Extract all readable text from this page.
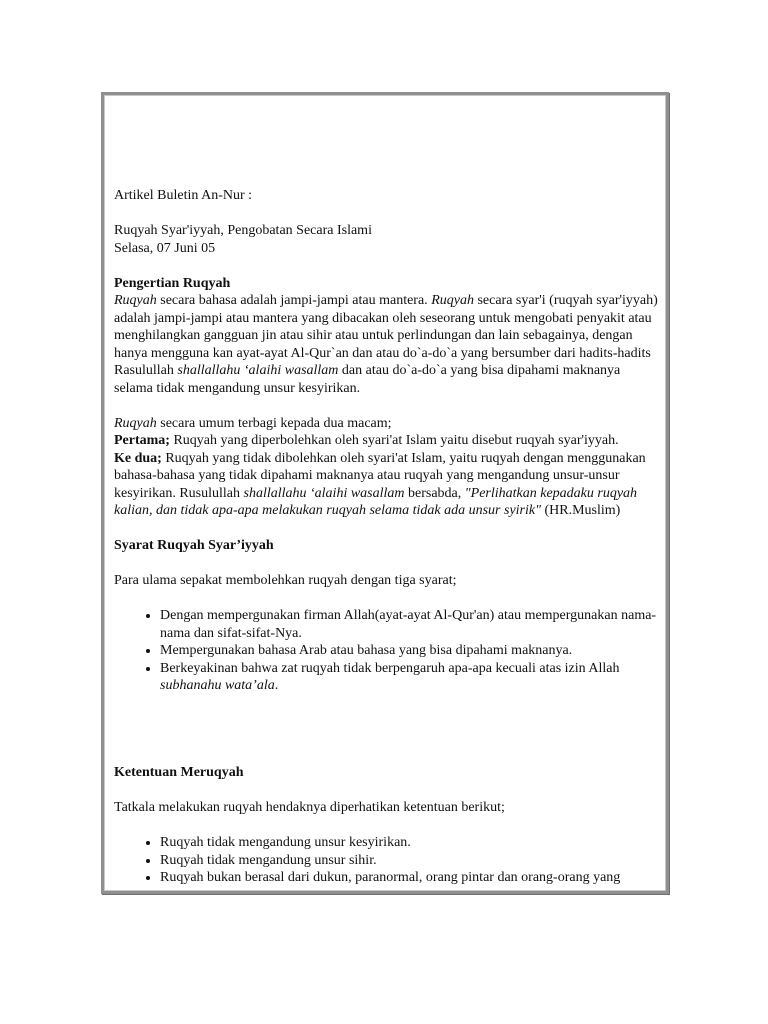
Artikel Buletin An-Nur :

Ruqyah Syar'iyyah, Pengobatan Secara Islami
Selasa, 07 Juni 05

Pengertian Ruqyah
Ruqyah secara bahasa adalah jampi-jampi atau mantera. Ruqyah secara syar'i (ruqyah syar'iyyah) adalah jampi-jampi atau mantera yang dibacakan oleh seseorang untuk mengobati penyakit atau menghilangkan gangguan jin atau sihir atau untuk perlindungan dan lain sebagainya, dengan hanya mengguna kan ayat-ayat Al-Qur`an dan atau do`a-do`a yang bersumber dari hadits-hadits Rasulullah shallallahu ‘alaihi wasallam dan atau do`a-do`a yang bisa dipahami maknanya selama tidak mengandung unsur kesyirikan.

Ruqyah secara umum terbagi kepada dua macam;
Pertama; Ruqyah yang diperbolehkan oleh syari'at Islam yaitu disebut ruqyah syar'iyyah.
Ke dua; Ruqyah yang tidak dibolehkan oleh syari'at Islam, yaitu ruqyah dengan menggunakan bahasa-bahasa yang tidak dipahami maknanya atau ruqyah yang mengandung unsur-unsur kesyirikan. Rusulullah shallallahu ‘alaihi wasallam bersabda, "Perlihatkan kepadaku ruqyah kalian, dan tidak apa-apa melakukan ruqyah selama tidak ada unsur syirik" (HR.Muslim)

Syarat Ruqyah Syar’iyyah

Para ulama sepakat membolehkan ruqyah dengan tiga syarat;

• Dengan mempergunakan firman Allah(ayat-ayat Al-Qur'an) atau mempergunakan nama-nama dan sifat-sifat-Nya.
• Mempergunakan bahasa Arab atau bahasa yang bisa dipahami maknanya.
• Berkeyakinan bahwa zat ruqyah tidak berpengaruh apa-apa kecuali atas izin Allah subhanahu wata’ala.

Ketentuan Meruqyah

Tatkala melakukan ruqyah hendaknya diperhatikan ketentuan berikut;

• Ruqyah tidak mengandung unsur kesyirikan.
• Ruqyah tidak mengandung unsur sihir.
• Ruqyah bukan berasal dari dukun, paranormal, orang pintar dan orang-orang yang
